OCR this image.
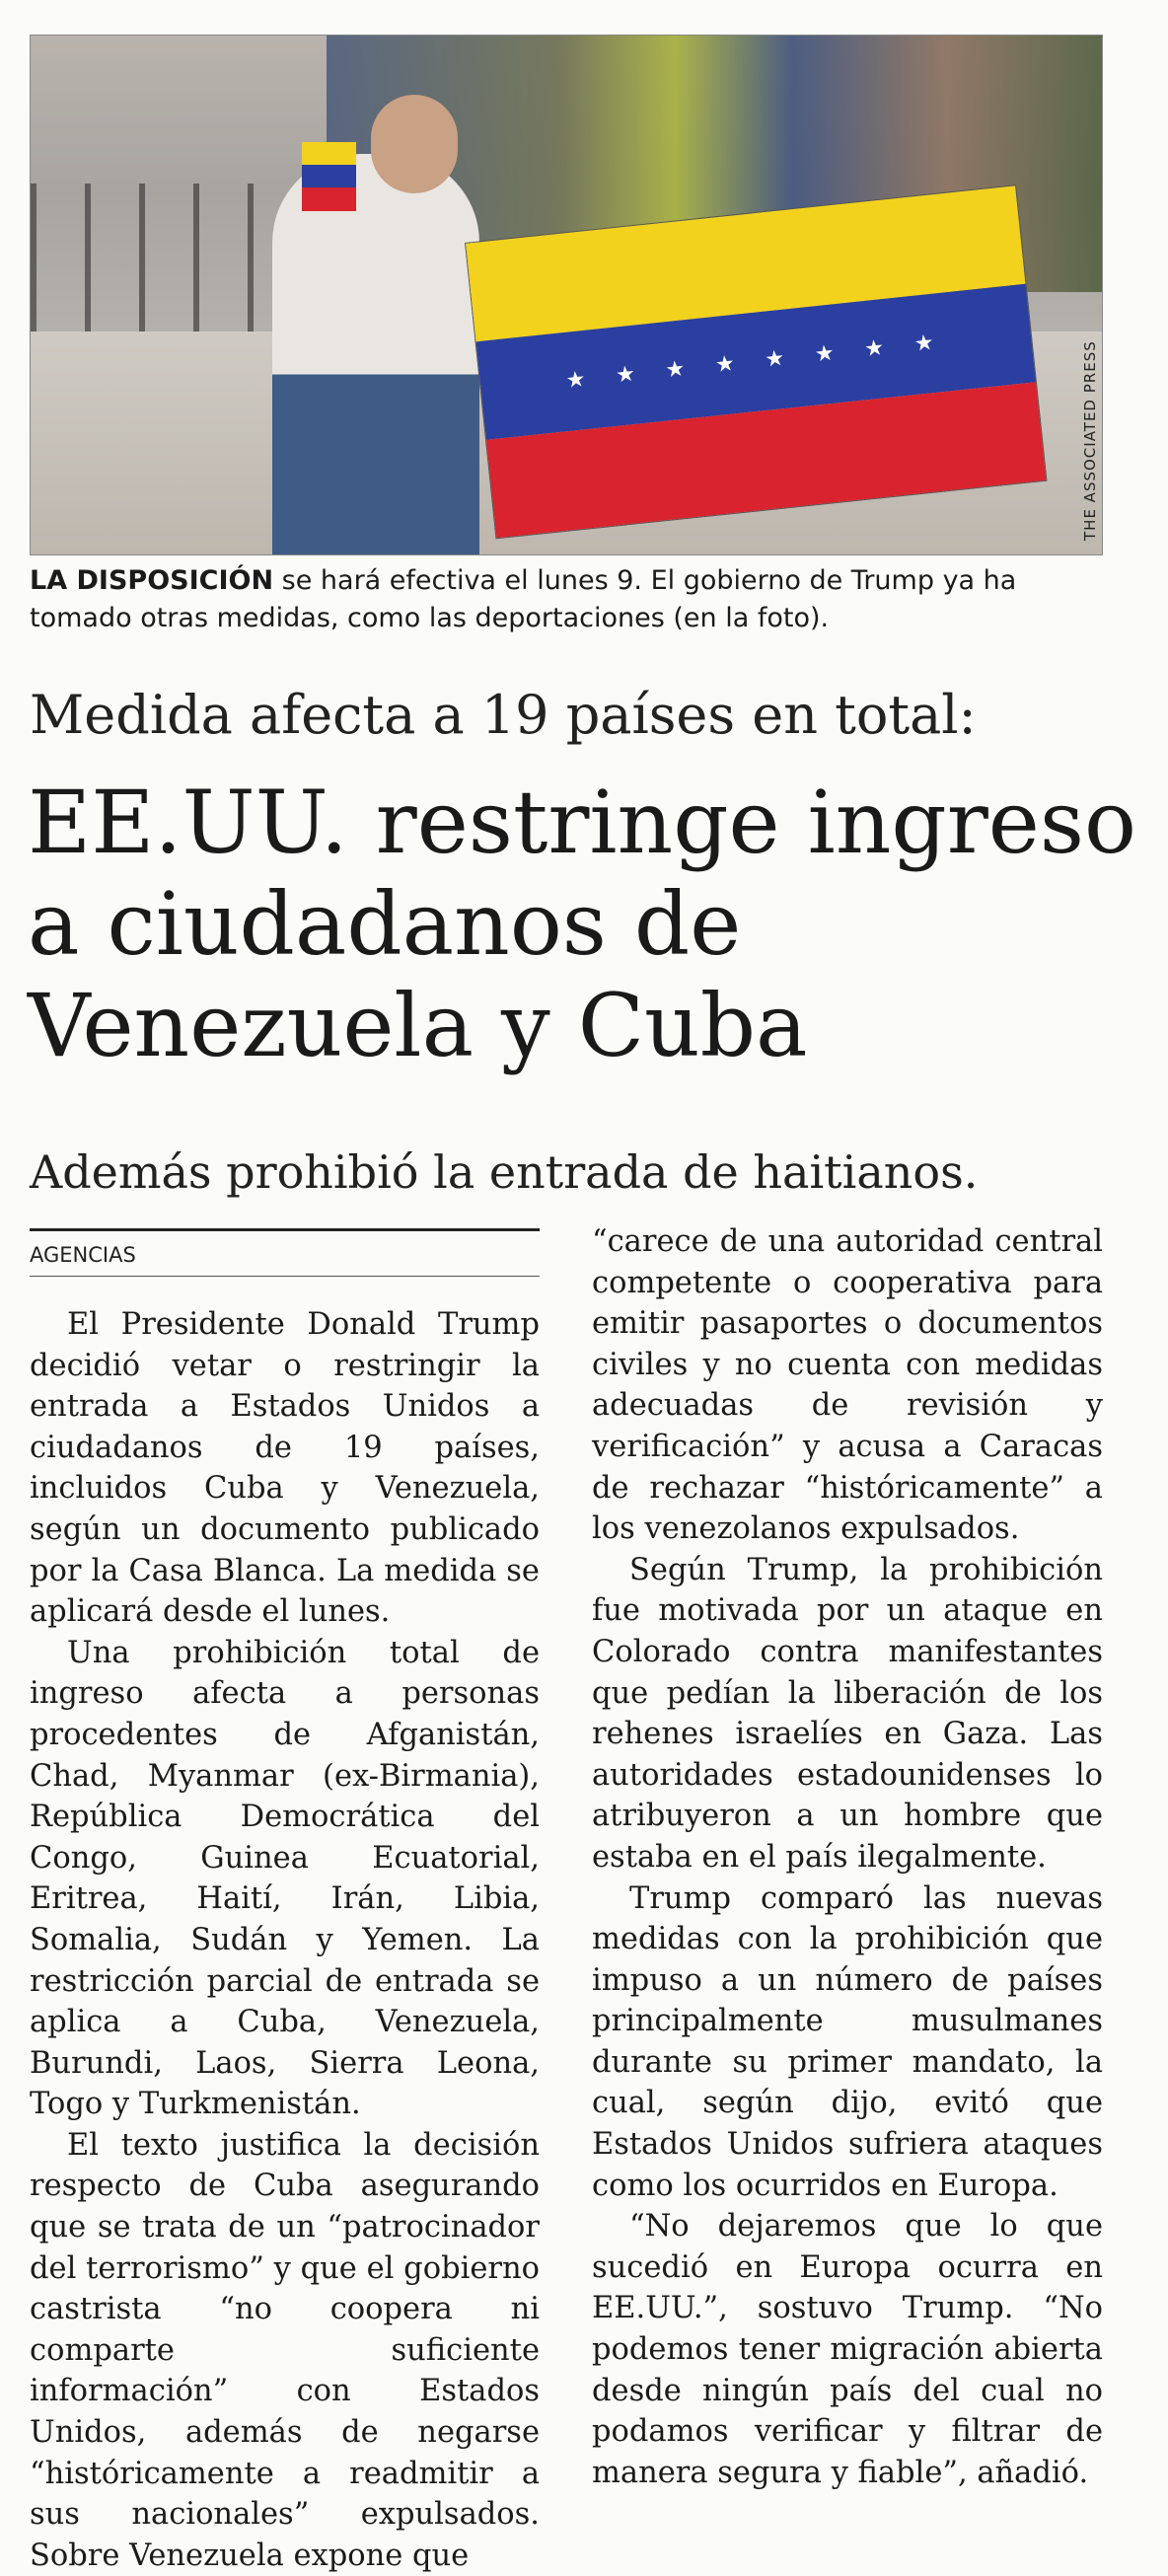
★ ★ ★ ★ ★ ★ ★ ★	THE ASSOCIATED PRESS
LA DISPOSICIÓN se hará efectiva el lunes 9. El gobierno de Trump ya ha tomado otras medidas, como las deportaciones (en la foto).
Medida afecta a 19 países en total:
EE.UU. restringe ingreso
a ciudadanos de
Venezuela y Cuba
Además prohibió la entrada de haitianos.
AGENCIAS

El Presidente Donald Trump decidió vetar o restringir la entrada a Estados Unidos a ciudadanos de 19 países, incluidos Cuba y Venezuela, según un documento publicado por la Casa Blanca. La medida se aplicará desde el lunes.

Una prohibición total de ingreso afecta a personas procedentes de Afganistán, Chad, Myanmar (ex-Birmania), República Democrática del Congo, Guinea Ecuatorial, Eritrea, Haití, Irán, Libia, Somalia, Sudán y Yemen. La restricción parcial de entrada se aplica a Cuba, Venezuela, Burundi, Laos, Sierra Leona, Togo y Turkmenistán.

El texto justifica la decisión respecto de Cuba asegurando que se trata de un “patrocinador del terrorismo” y que el gobierno castrista “no coopera ni comparte suficiente información” con Estados Unidos, además de negarse “históricamente a readmitir a sus nacionales” expulsados. Sobre Venezuela expone que

“carece de una autoridad central competente o cooperativa para emitir pasaportes o documentos civiles y no cuenta con medidas adecuadas de revisión y verificación” y acusa a Caracas de rechazar “históricamente” a los venezolanos expulsados.

Según Trump, la prohibición fue motivada por un ataque en Colorado contra manifestantes que pedían la liberación de los rehenes israelíes en Gaza. Las autoridades estadounidenses lo atribuyeron a un hombre que estaba en el país ilegalmente.

Trump comparó las nuevas medidas con la prohibición que impuso a un número de países principalmente musulmanes durante su primer mandato, la cual, según dijo, evitó que Estados Unidos sufriera ataques como los ocurridos en Europa.

“No dejaremos que lo que sucedió en Europa ocurra en EE.UU.”, sostuvo Trump. “No podemos tener migración abierta desde ningún país del cual no podamos verificar y filtrar de manera segura y fiable”, añadió.
